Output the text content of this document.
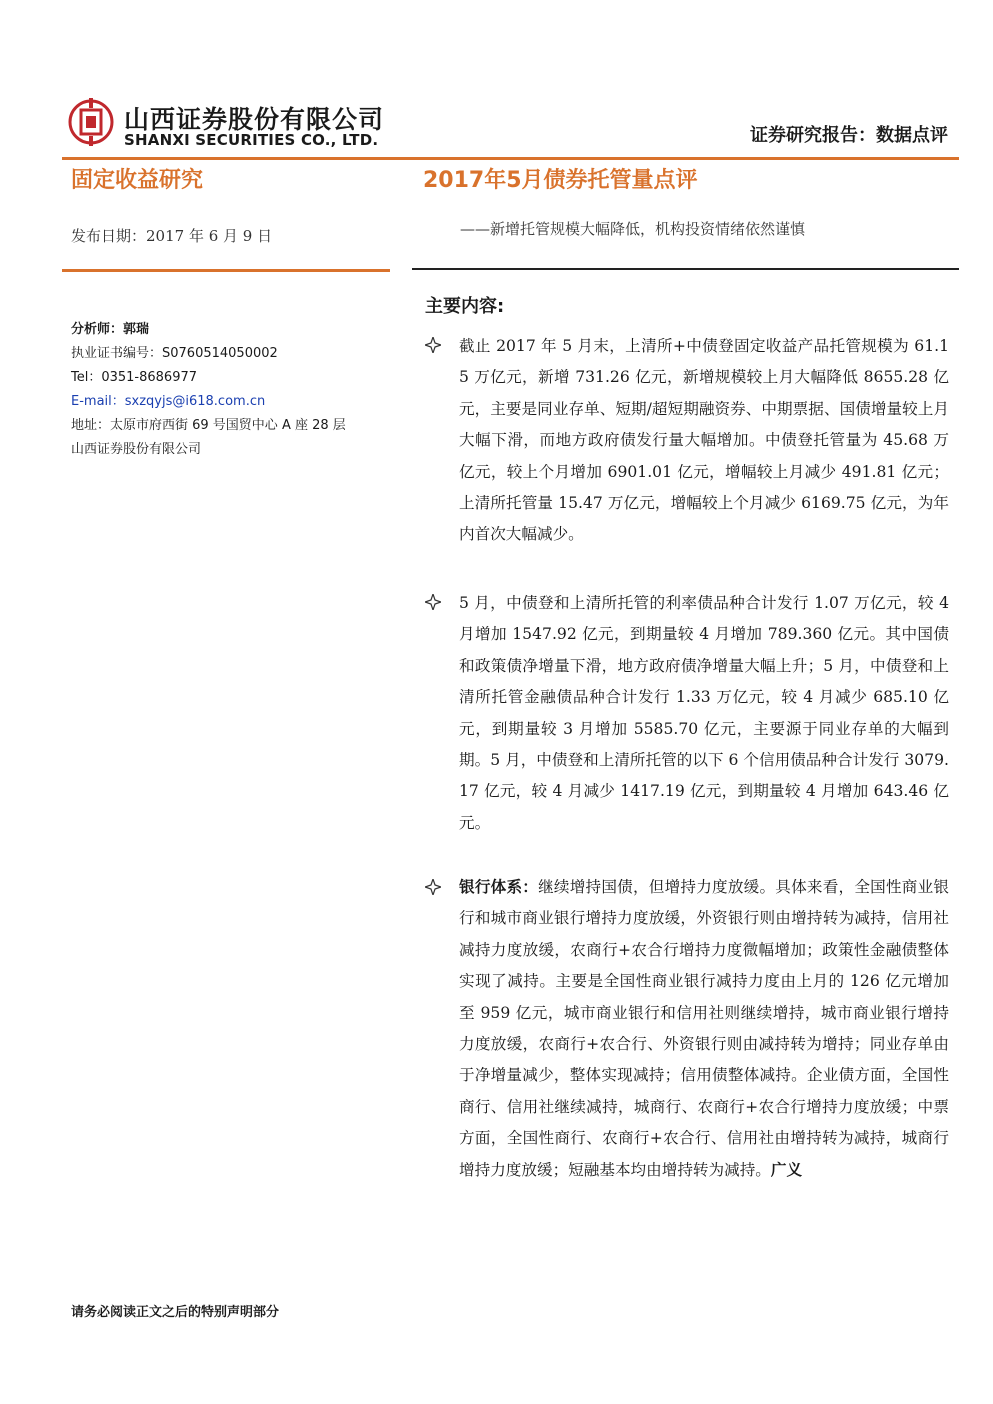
山西证券股份有限公司
SHANXI SECURITIES CO., LTD.	证券研究报告：数据点评
固定收益研究	2017年5月债券托管量点评
——新增托管规模大幅降低，机构投资情绪依然谨慎
发布日期：2017 年 6 月 9 日
分析师：郭瑞
执业证书编号：S0760514050002
Tel：0351-8686977
E-mail：sxzqyjs@i618.com.cn
地址：太原市府西街 69 号国贸中心 A 座 28 层
山西证券股份有限公司
主要内容:
截止 2017 年 5 月末，上清所+中债登固定收益产品托管规模为 61.15 万亿元，新增 731.26 亿元，新增规模较上月大幅降低 8655.28 亿元，主要是同业存单、短期/超短期融资券、中期票据、国债增量较上月大幅下滑，而地方政府债发行量大幅增加。中债登托管量为 45.68 万亿元，较上个月增加 6901.01 亿元，增幅较上月减少 491.81 亿元；上清所托管量 15.47 万亿元，增幅较上个月减少 6169.75 亿元，为年内首次大幅减少。
5 月，中债登和上清所托管的利率债品种合计发行 1.07 万亿元，较 4 月增加 1547.92 亿元，到期量较 4 月增加 789.360 亿元。其中国债和政策债净增量下滑，地方政府债净增量大幅上升；5 月，中债登和上清所托管金融债品种合计发行 1.33 万亿元，较 4 月减少 685.10 亿元，到期量较 3 月增加 5585.70 亿元，主要源于同业存单的大幅到期。5 月，中债登和上清所托管的以下 6 个信用债品种合计发行 3079.17 亿元，较 4 月减少 1417.19 亿元，到期量较 4 月增加 643.46 亿元。
银行体系：继续增持国债，但增持力度放缓。具体来看，全国性商业银行和城市商业银行增持力度放缓，外资银行则由增持转为减持，信用社减持力度放缓，农商行+农合行增持力度微幅增加；政策性金融债整体实现了减持。主要是全国性商业银行减持力度由上月的 126 亿元增加至 959 亿元，城市商业银行和信用社则继续增持，城市商业银行增持力度放缓，农商行+农合行、外资银行则由减持转为增持；同业存单由于净增量减少，整体实现减持；信用债整体减持。企业债方面，全国性商行、信用社继续减持，城商行、农商行+农合行增持力度放缓；中票方面，全国性商行、农商行+农合行、信用社由增持转为减持，城商行增持力度放缓；短融基本均由增持转为减持。广义
请务必阅读正文之后的特别声明部分
